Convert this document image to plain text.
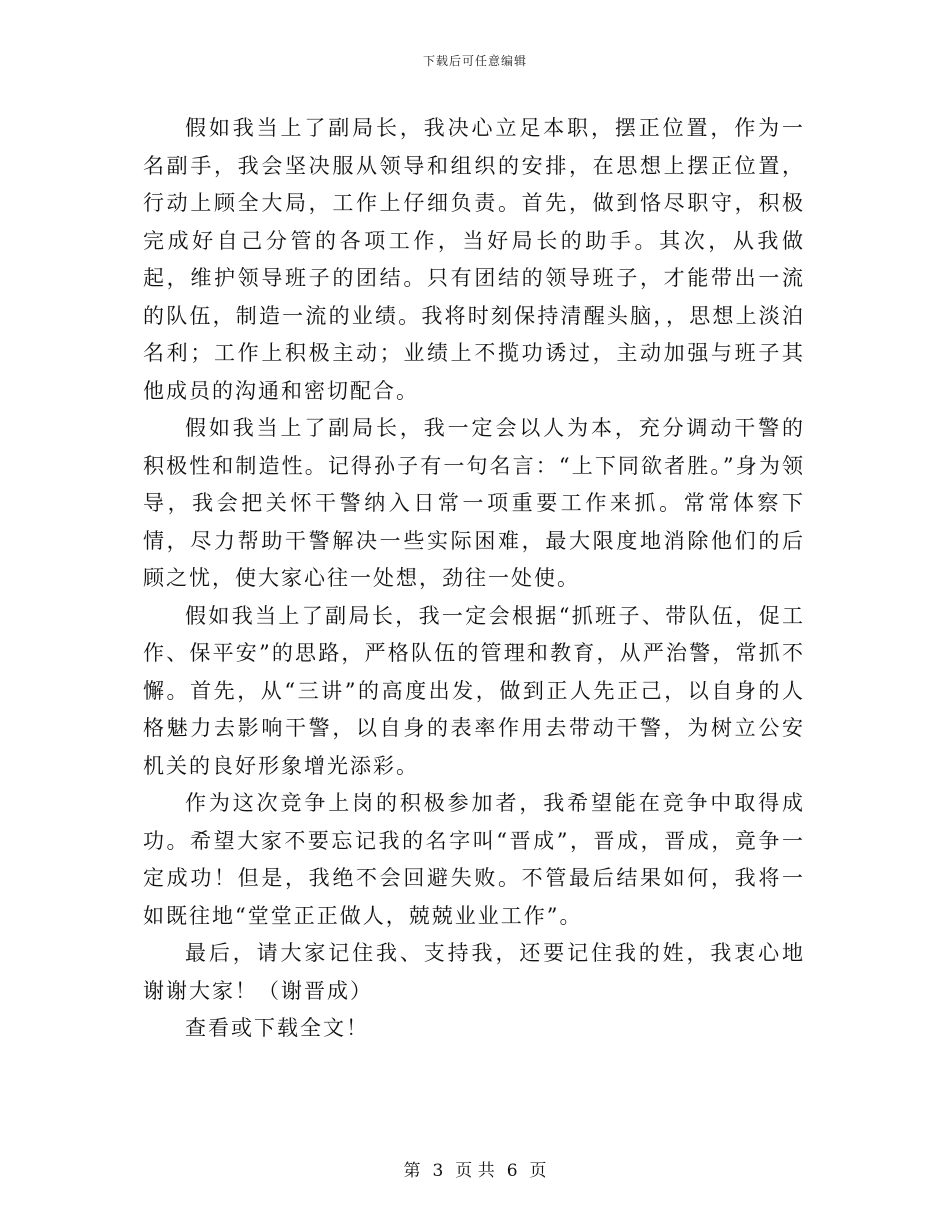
下载后可任意编辑

假如我当上了副局长，我决心立足本职，摆正位置，作为一名副手，我会坚决服从领导和组织的安排，在思想上摆正位置，行动上顾全大局，工作上仔细负责。首先，做到恪尽职守，积极完成好自己分管的各项工作，当好局长的助手。其次，从我做起，维护领导班子的团结。只有团结的领导班子，才能带出一流的队伍，制造一流的业绩。我将时刻保持清醒头脑，，思想上淡泊名利；工作上积极主动；业绩上不揽功诱过，主动加强与班子其他成员的沟通和密切配合。

假如我当上了副局长，我一定会以人为本，充分调动干警的积极性和制造性。记得孙子有一句名言：“上下同欲者胜。”身为领导，我会把关怀干警纳入日常一项重要工作来抓。常常体察下情，尽力帮助干警解决一些实际困难，最大限度地消除他们的后顾之忧，使大家心往一处想，劲往一处使。

假如我当上了副局长，我一定会根据“抓班子、带队伍，促工作、保平安”的思路，严格队伍的管理和教育，从严治警，常抓不懈。首先，从“三讲”的高度出发，做到正人先正己，以自身的人格魅力去影响干警，以自身的表率作用去带动干警，为树立公安机关的良好形象增光添彩。

作为这次竞争上岗的积极参加者，我希望能在竞争中取得成功。希望大家不要忘记我的名字叫“晋成”，晋成，晋成，竟争一定成功！但是，我绝不会回避失败。不管最后结果如何，我将一如既往地“堂堂正正做人，兢兢业业工作”。

最后，请大家记住我、支持我，还要记住我的姓，我衷心地谢谢大家！（谢晋成）

查看或下载全文！

第 3 页 共 6 页
